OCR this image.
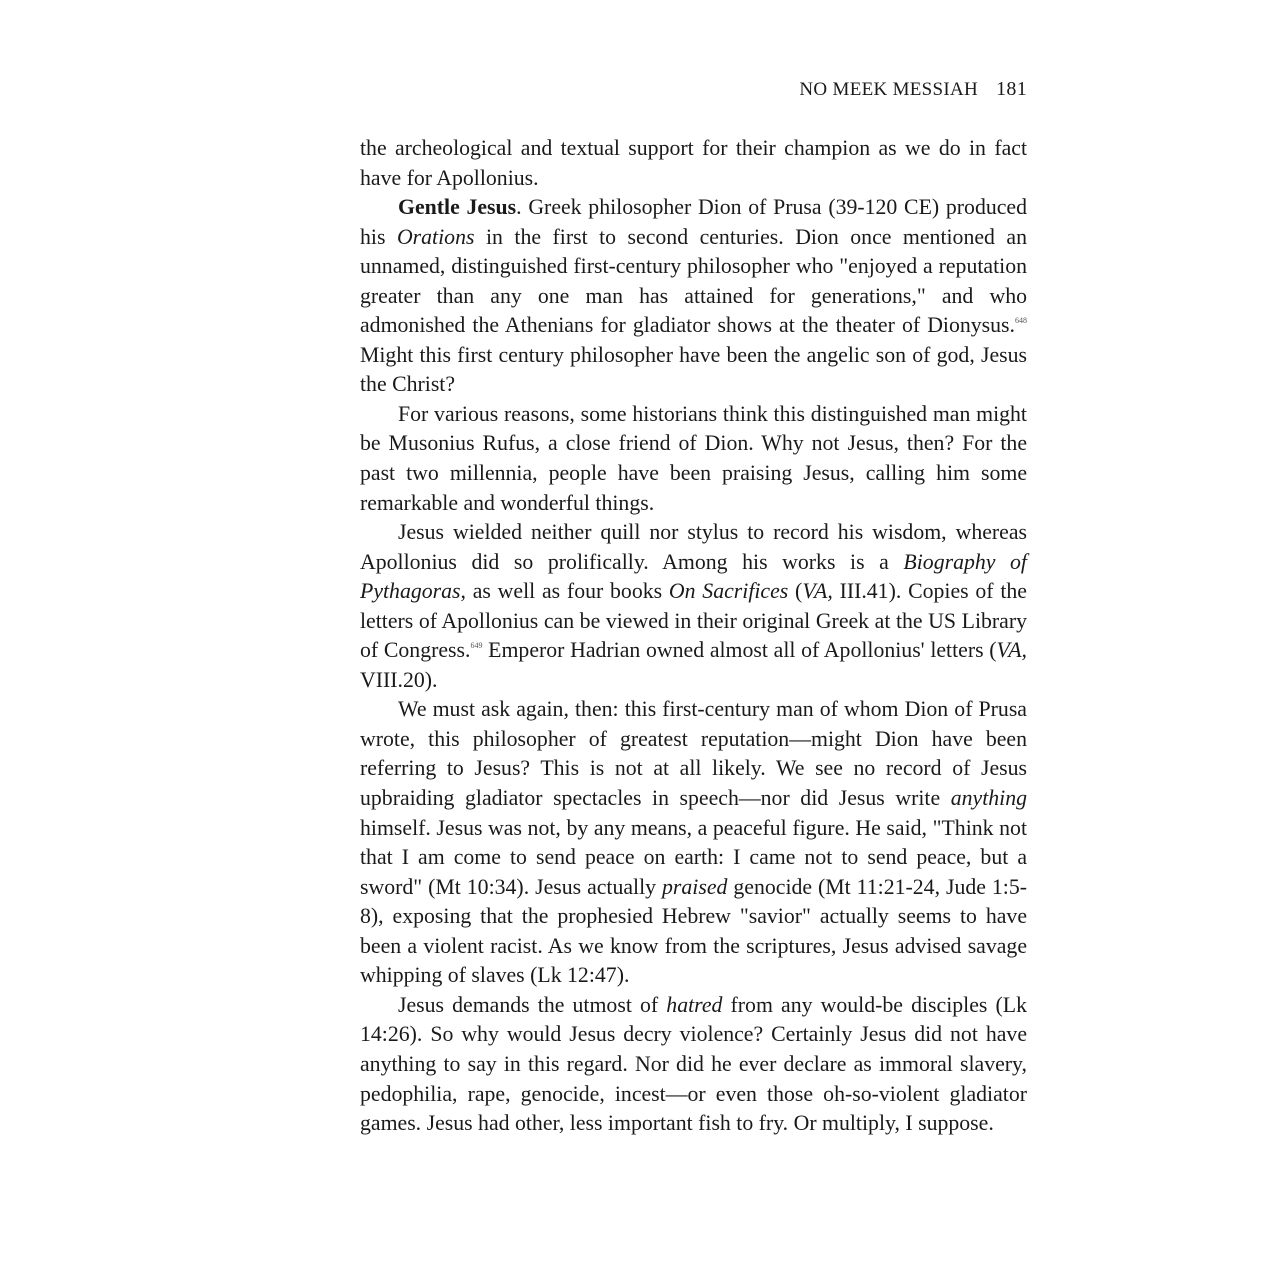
NO MEEK MESSIAH 181

the archeological and textual support for their champion as we do in fact have for Apollonius.

Gentle Jesus. Greek philosopher Dion of Prusa (39-120 CE) produced his Orations in the first to second centuries. Dion once mentioned an unnamed, distinguished first-century philosopher who "enjoyed a reputation greater than any one man has attained for generations," and who admonished the Athenians for gladiator shows at the theater of Dionysus.$^{648}$ Might this first century philosopher have been the angelic son of god, Jesus the Christ?

For various reasons, some historians think this distinguished man might be Musonius Rufus, a close friend of Dion. Why not Jesus, then? For the past two millennia, people have been praising Jesus, calling him some remarkable and wonderful things.

Jesus wielded neither quill nor stylus to record his wisdom, whereas Apollonius did so prolifically. Among his works is a Biography of Pythagoras, as well as four books On Sacrifices (VA, III.41). Copies of the letters of Apollonius can be viewed in their original Greek at the US Library of Congress.$^{649}$ Emperor Hadrian owned almost all of Apollonius' letters (VA, VIII.20).

We must ask again, then: this first-century man of whom Dion of Prusa wrote, this philosopher of greatest reputation—might Dion have been referring to Jesus? This is not at all likely. We see no record of Jesus upbraiding gladiator spectacles in speech—nor did Jesus write anything himself. Jesus was not, by any means, a peaceful figure. He said, "Think not that I am come to send peace on earth: I came not to send peace, but a sword" (Mt 10:34). Jesus actually praised genocide (Mt 11:21-24, Jude 1:5-8), exposing that the prophesied Hebrew "savior" actually seems to have been a violent racist. As we know from the scriptures, Jesus advised savage whipping of slaves (Lk 12:47).

Jesus demands the utmost of hatred from any would-be disciples (Lk 14:26). So why would Jesus decry violence? Certainly Jesus did not have anything to say in this regard. Nor did he ever declare as immoral slavery, pedophilia, rape, genocide, incest—or even those oh-so-violent gladiator games. Jesus had other, less important fish to fry. Or multiply, I suppose.
